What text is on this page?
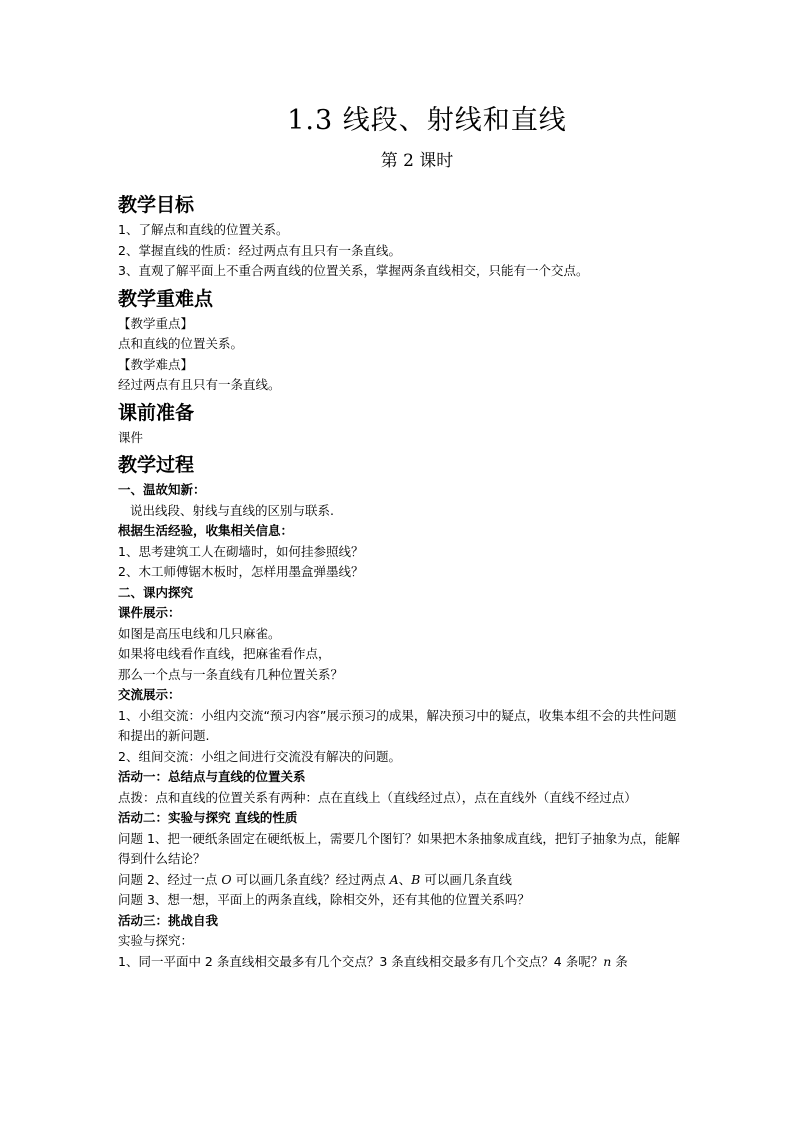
1.3 线段、射线和直线
第 2 课时
教学目标

1、了解点和直线的位置关系。

2、掌握直线的性质：经过两点有且只有一条直线。

3、直观了解平面上不重合两直线的位置关系，掌握两条直线相交，只能有一个交点。

教学重难点

【教学重点】

点和直线的位置关系。

【教学难点】

经过两点有且只有一条直线。

课前准备

课件

教学过程

一、温故知新：

说出线段、射线与直线的区别与联系.

根据生活经验，收集相关信息：

1、思考建筑工人在砌墙时，如何挂参照线？

2、木工师傅锯木板时，怎样用墨盒弹墨线？

二、课内探究

课件展示：

如图是高压电线和几只麻雀。

如果将电线看作直线，把麻雀看作点，

那么一个点与一条直线有几种位置关系？

交流展示：

1、小组交流：小组内交流“预习内容”展示预习的成果，解决预习中的疑点，收集本组不会的共性问题和提出的新问题.

2、组间交流：小组之间进行交流没有解决的问题。

活动一：总结点与直线的位置关系

点拨：点和直线的位置关系有两种：点在直线上（直线经过点），点在直线外（直线不经过点）

活动二：实验与探究 直线的性质

问题 1、把一硬纸条固定在硬纸板上，需要几个图钉？如果把木条抽象成直线，把钉子抽象为点，能解得到什么结论？

问题 2、经过一点 O 可以画几条直线？经过两点 A、B 可以画几条直线

问题 3、想一想，平面上的两条直线，除相交外，还有其他的位置关系吗？

活动三：挑战自我

实验与探究：

1、同一平面中 2 条直线相交最多有几个交点？3 条直线相交最多有几个交点？4 条呢？n 条
